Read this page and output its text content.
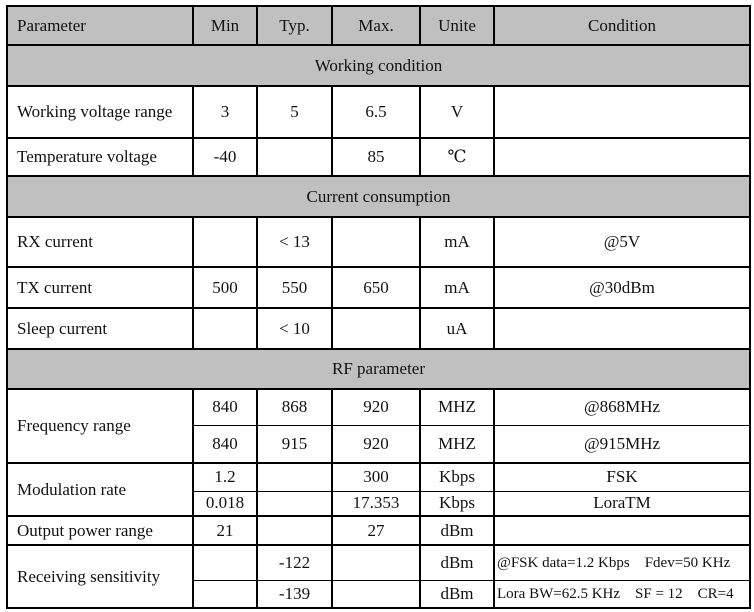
Parameter	Min	Typ.	Max.	Unite	Condition
Working condition					
Working voltage range	3	5	6.5	V	
Temperature voltage	-40		85	℃	
Current consumption					
RX current		< 13		mA	@5V
TX current	500	550	650	mA	@30dBm
Sleep current		< 10		uA	
RF parameter					
Frequency range	840	868	920	MHZ	@868MHz
	840	915	920	MHZ	@915MHz
Modulation rate	1.2		300	Kbps	FSK
	0.018		17.353	Kbps	LoraTM
Output power range	21		27	dBm	
Receiving sensitivity		-122		dBm	@FSK data=1.2 Kbps    Fdev=50 KHz
		-139		dBm	Lora BW=62.5 KHz    SF = 12    CR=4
